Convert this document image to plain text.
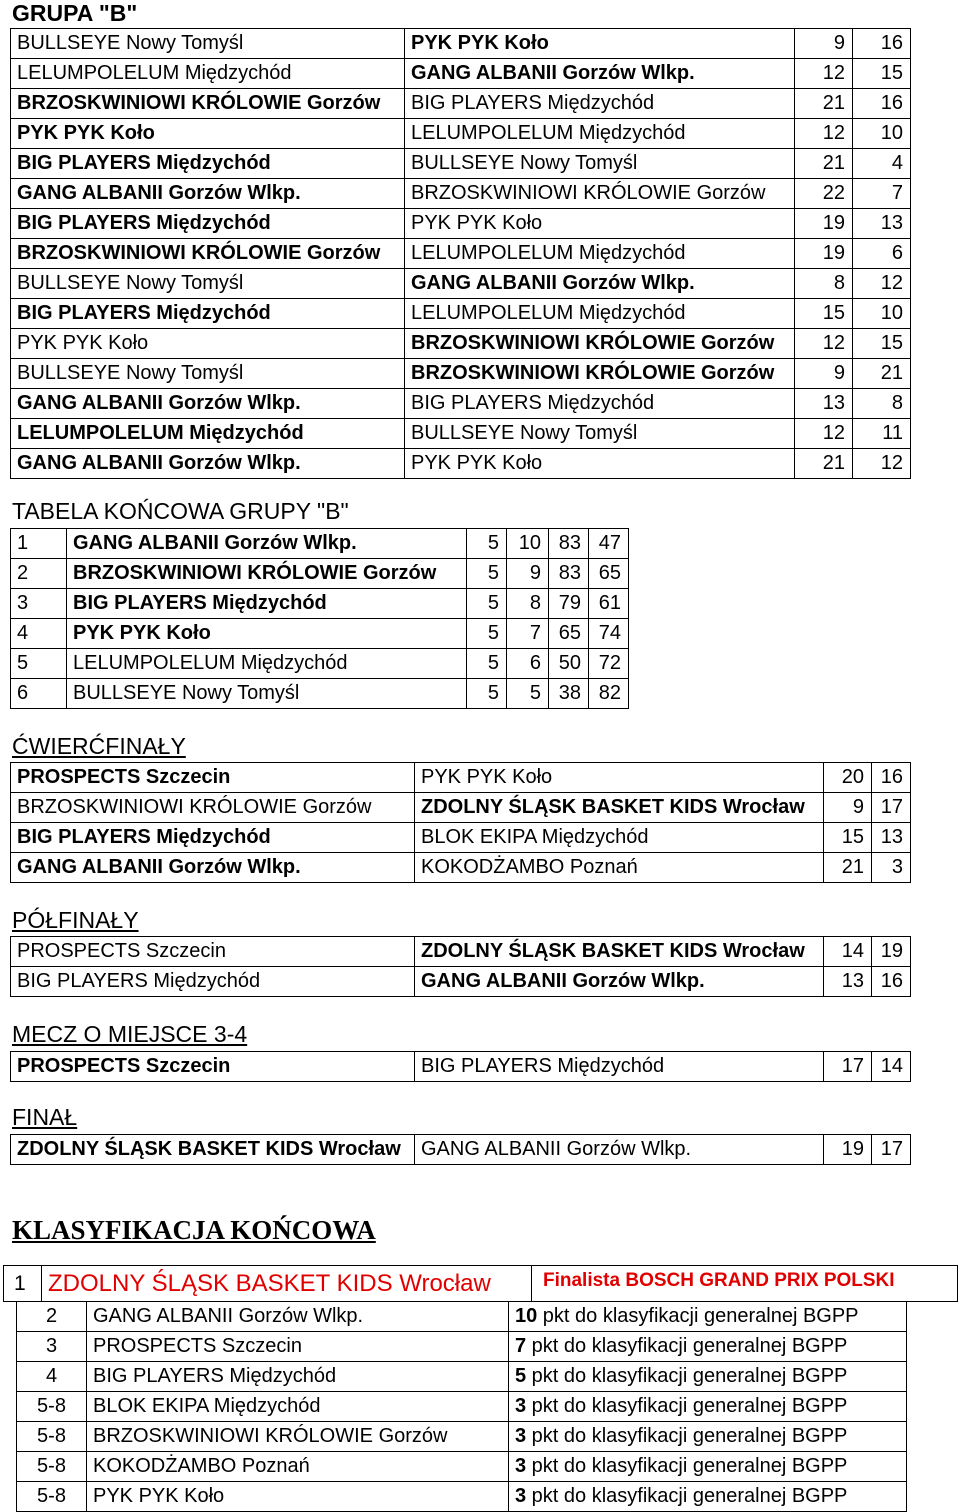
GRUPA "B"
BULLSEYE Nowy Tomyśl	PYK PYK Koło	9	16
LELUMPOLELUM Międzychód	GANG ALBANII Gorzów Wlkp.	12	15
BRZOSKWINIOWI KRÓLOWIE Gorzów	BIG PLAYERS Międzychód	21	16
PYK PYK Koło	LELUMPOLELUM Międzychód	12	10
BIG PLAYERS Międzychód	BULLSEYE Nowy Tomyśl	21	4
GANG ALBANII Gorzów Wlkp.	BRZOSKWINIOWI KRÓLOWIE Gorzów	22	7
BIG PLAYERS Międzychód	PYK PYK Koło	19	13
BRZOSKWINIOWI KRÓLOWIE Gorzów	LELUMPOLELUM Międzychód	19	6
BULLSEYE Nowy Tomyśl	GANG ALBANII Gorzów Wlkp.	8	12
BIG PLAYERS Międzychód	LELUMPOLELUM Międzychód	15	10
PYK PYK Koło	BRZOSKWINIOWI KRÓLOWIE Gorzów	12	15
BULLSEYE Nowy Tomyśl	BRZOSKWINIOWI KRÓLOWIE Gorzów	9	21
GANG ALBANII Gorzów Wlkp.	BIG PLAYERS Międzychód	13	8
LELUMPOLELUM Międzychód	BULLSEYE Nowy Tomyśl	12	11
GANG ALBANII Gorzów Wlkp.	PYK PYK Koło	21	12
TABELA KOŃCOWA GRUPY "B"
1	GANG ALBANII Gorzów Wlkp.	5	10	83	47
2	BRZOSKWINIOWI KRÓLOWIE Gorzów	5	9	83	65
3	BIG PLAYERS Międzychód	5	8	79	61
4	PYK PYK Koło	5	7	65	74
5	LELUMPOLELUM Międzychód	5	6	50	72
6	BULLSEYE Nowy Tomyśl	5	5	38	82
ĆWIERĆFINAŁY
PROSPECTS Szczecin	PYK PYK Koło	20	16
BRZOSKWINIOWI KRÓLOWIE Gorzów	ZDOLNY ŚLĄSK BASKET KIDS Wrocław	9	17
BIG PLAYERS Międzychód	BLOK EKIPA Międzychód	15	13
GANG ALBANII Gorzów Wlkp.	KOKODŻAMBO Poznań	21	3
PÓŁFINAŁY
PROSPECTS Szczecin	ZDOLNY ŚLĄSK BASKET KIDS Wrocław	14	19
BIG PLAYERS Międzychód	GANG ALBANII Gorzów Wlkp.	13	16
MECZ O MIEJSCE 3-4
PROSPECTS Szczecin	BIG PLAYERS Międzychód	17	14
FINAŁ
ZDOLNY ŚLĄSK BASKET KIDS Wrocław	GANG ALBANII Gorzów Wlkp.	19	17
KLASYFIKACJA KOŃCOWA
1	ZDOLNY ŚLĄSK BASKET KIDS Wrocław	Finalista BOSCH GRAND PRIX POLSKI
2	GANG ALBANII Gorzów Wlkp.	10 pkt do klasyfikacji generalnej BGPP
3	PROSPECTS Szczecin	7 pkt do klasyfikacji generalnej BGPP
4	BIG PLAYERS Międzychód	5 pkt do klasyfikacji generalnej BGPP
5-8	BLOK EKIPA Międzychód	3 pkt do klasyfikacji generalnej BGPP
5-8	BRZOSKWINIOWI KRÓLOWIE Gorzów	3 pkt do klasyfikacji generalnej BGPP
5-8	KOKODŻAMBO Poznań	3 pkt do klasyfikacji generalnej BGPP
5-8	PYK PYK Koło	3 pkt do klasyfikacji generalnej BGPP
